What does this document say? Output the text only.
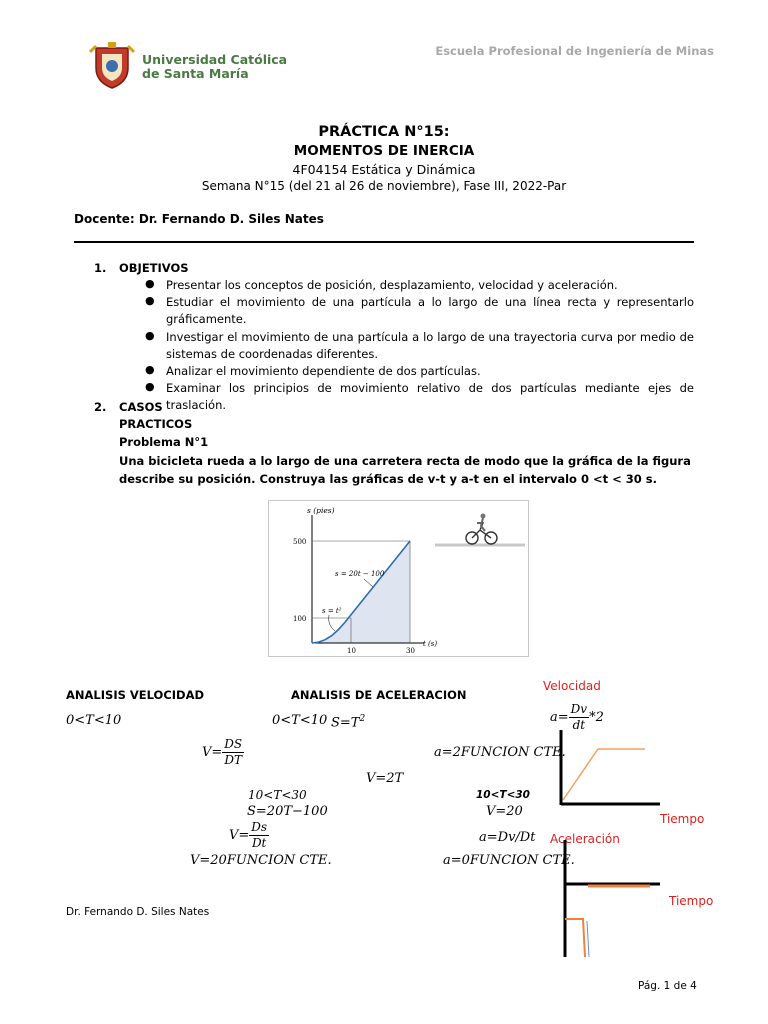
Universidad Católica
de Santa María
Escuela Profesional de Ingeniería de Minas
PRÁCTICA N°15:
MOMENTOS DE INERCIA
4F04154 Estática y Dinámica
Semana N°15 (del 21 al 26 de noviembre), Fase III, 2022-Par
Docente: Dr. Fernando D. Siles Nates
1. OBJETIVOS
● Presentar los conceptos de posición, desplazamiento, velocidad y aceleración.
● Estudiar el movimiento de una partícula a lo largo de una línea recta y representarlo gráficamente.
● Investigar el movimiento de una partícula a lo largo de una trayectoria curva por medio de sistemas de coordenadas diferentes.
● Analizar el movimiento dependiente de dos partículas.
● Examinar los principios de movimiento relativo de dos partículas mediante ejes de traslación.
2. CASOS
PRACTICOS
Problema N°1
Una bicicleta rueda a lo largo de una carretera recta de modo que la gráfica de la figura describe su posición. Construya las gráficas de v-t y a-t en el intervalo 0 <t < 30 s.
s (pies)
500
100
10	30
t (s)
s = 20t − 100
s = t²
ANALISIS VELOCIDAD	ANALISIS DE ACELERACION
0<T<10	0<T<10 $S=T^2$
$V= \frac{DS}{DT}$	a=2FUNCION CTE.
V=2T
10<T<30	10<T<30
S=20T−100	V=20
$V= \frac{Ds}{Dt}$	a=Dv/Dt
V=20FUNCION CTE.	a=0FUNCION CTE.
$a= \frac{Dv}{dt} *2$
Velocidad
Tiempo
Aceleración
Tiempo
Dr. Fernando D. Siles Nates
Pág. 1 de 4
